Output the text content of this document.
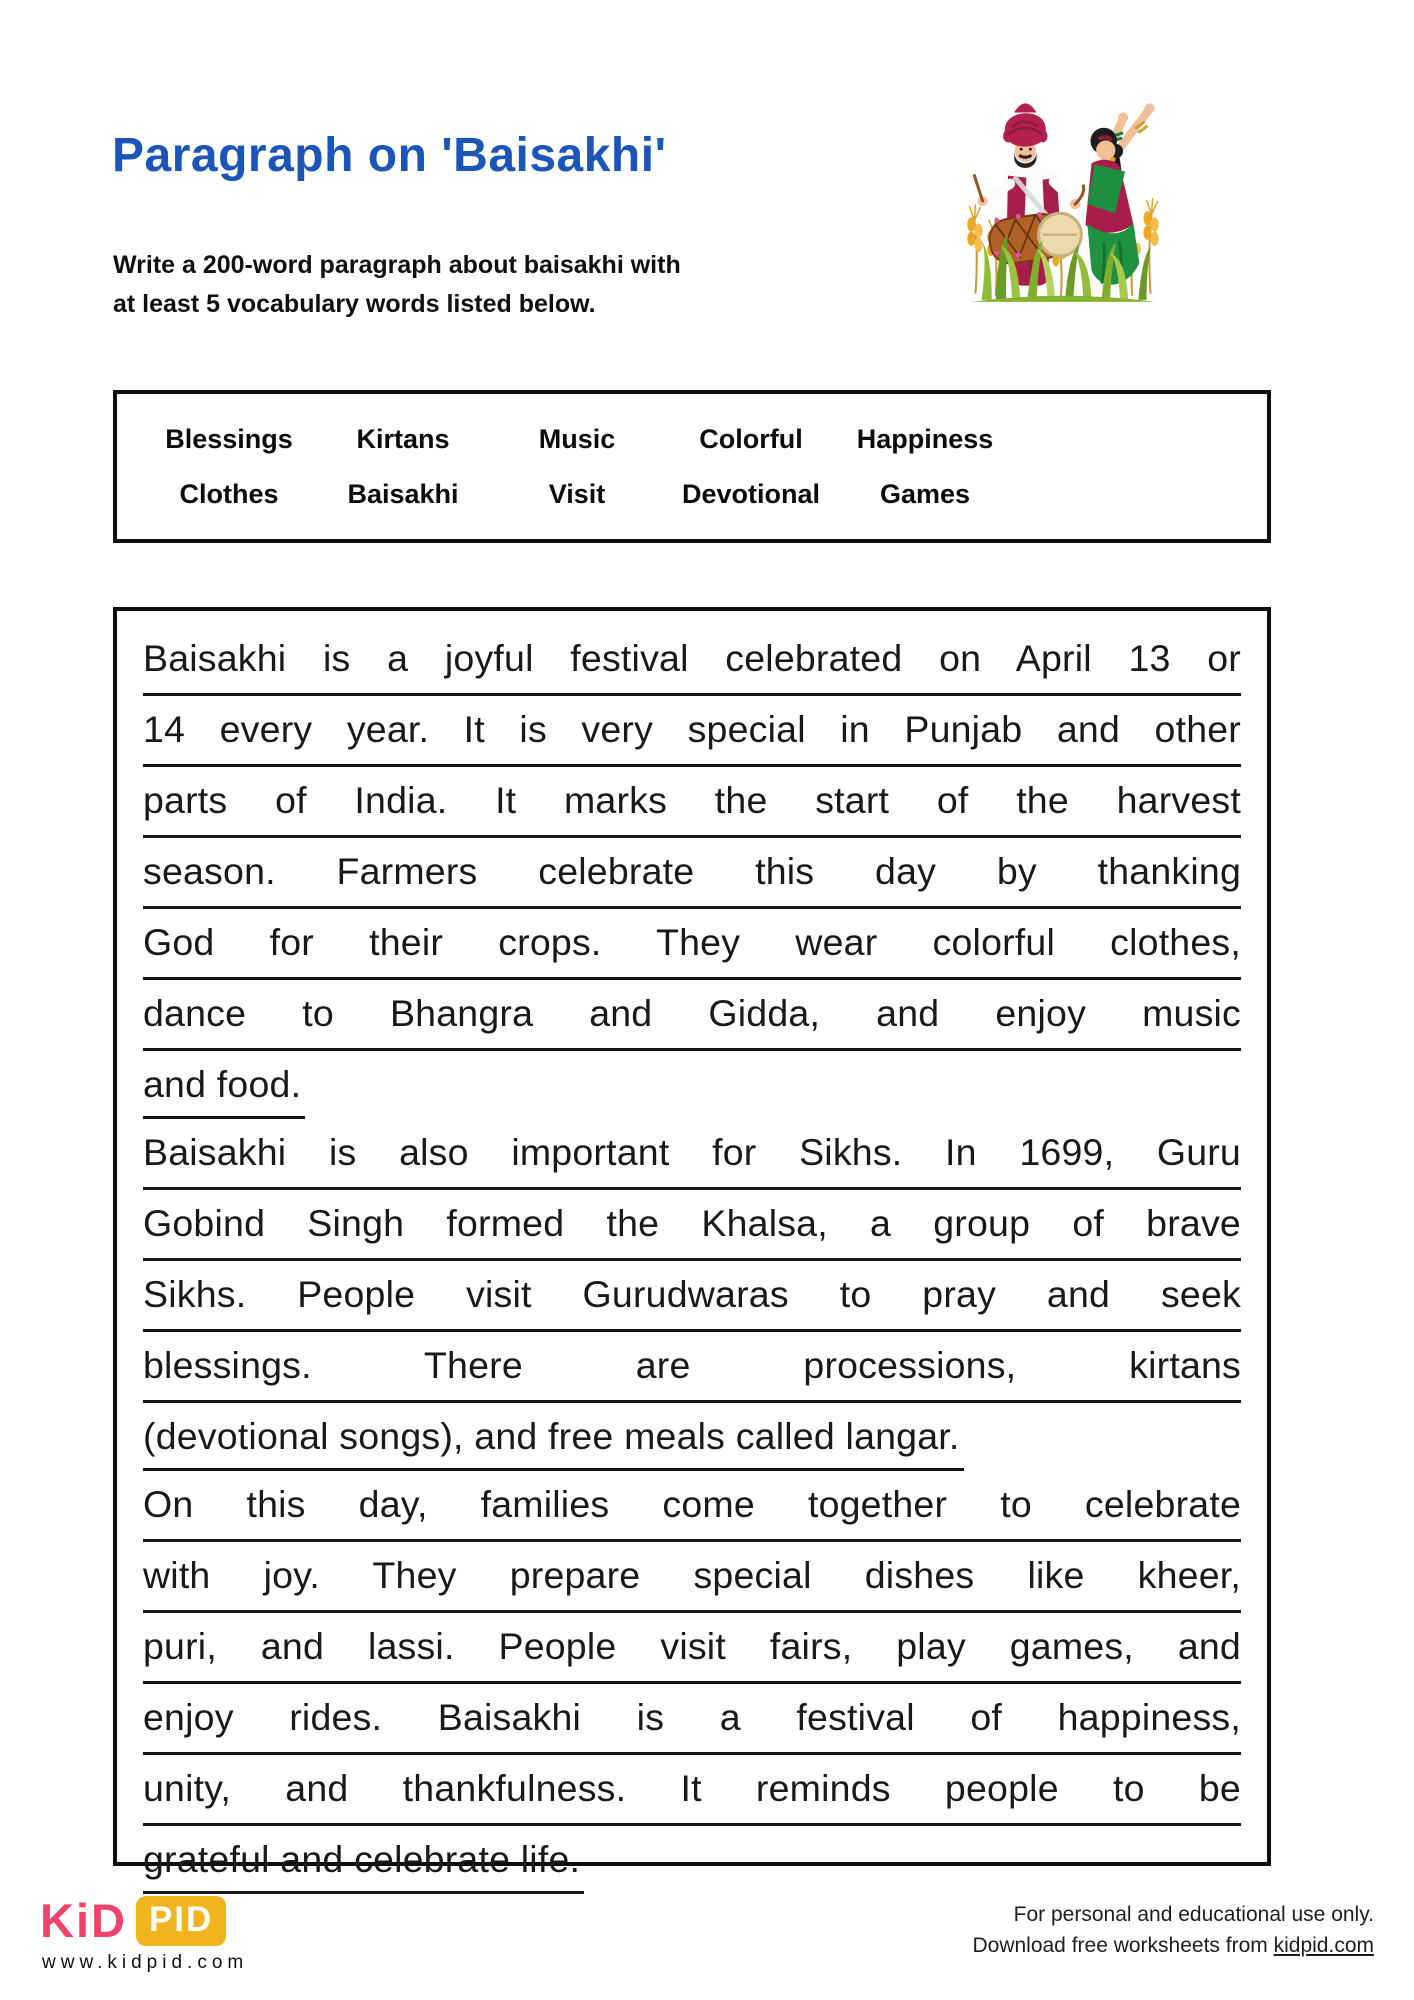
Paragraph on 'Baisakhi'
Write a 200-word paragraph about baisakhi with at least 5 vocabulary words listed below.
Blessings	Kirtans	Music	Colorful	Happiness
Clothes	Baisakhi	Visit	Devotional	Games
Baisakhi is a joyful festival celebrated on April 13 or
14 every year. It is very special in Punjab and other
parts of India. It marks the start of the harvest
season. Farmers celebrate this day by thanking
God for their crops. They wear colorful clothes,
dance to Bhangra and Gidda, and enjoy music
and food.
Baisakhi is also important for Sikhs. In 1699, Guru
Gobind Singh formed the Khalsa, a group of brave
Sikhs. People visit Gurudwaras to pray and seek
blessings. There are processions, kirtans
(devotional songs), and free meals called langar.
On this day, families come together to celebrate
with joy. They prepare special dishes like kheer,
puri, and lassi. People visit fairs, play games, and
enjoy rides. Baisakhi is a festival of happiness,
unity, and thankfulness. It reminds people to be
grateful and celebrate life.
KiD PID
www.kidpid.com
For personal and educational use only.
Download free worksheets from kidpid.com
